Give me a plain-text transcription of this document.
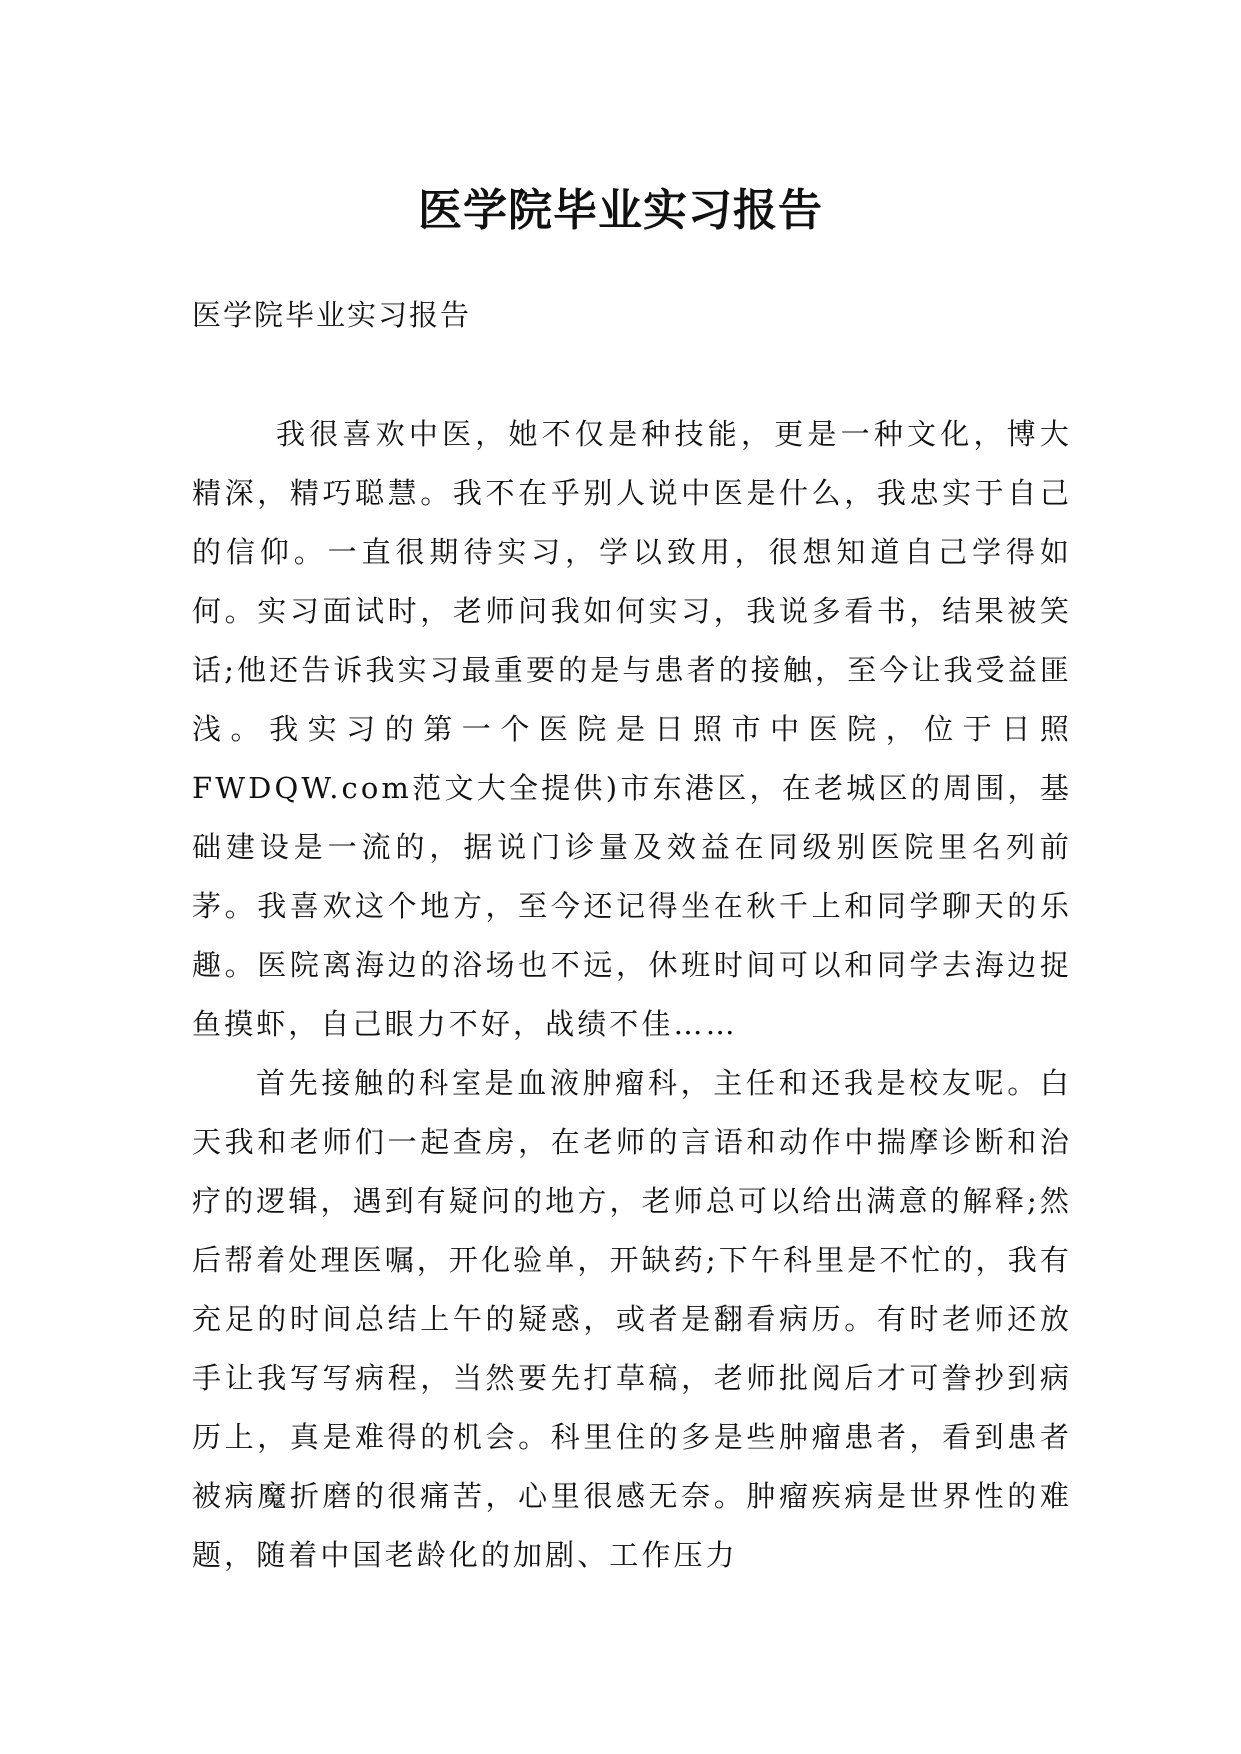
医学院毕业实习报告
医学院毕业实习报告

我很喜欢中医，她不仅是种技能，更是一种文化，博大精深，精巧聪慧。我不在乎别人说中医是什么，我忠实于自己的信仰。一直很期待实习，学以致用，很想知道自己学得如何。实习面试时，老师问我如何实习，我说多看书，结果被笑话;他还告诉我实习最重要的是与患者的接触，至今让我受益匪浅。我实习的第一个医院是日照市中医院，位于日照FWDQW.com范文大全提供)市东港区，在老城区的周围，基础建设是一流的，据说门诊量及效益在同级别医院里名列前茅。我喜欢这个地方，至今还记得坐在秋千上和同学聊天的乐趣。医院离海边的浴场也不远，休班时间可以和同学去海边捉鱼摸虾，自己眼力不好，战绩不佳……

首先接触的科室是血液肿瘤科，主任和还我是校友呢。白天我和老师们一起查房，在老师的言语和动作中揣摩诊断和治疗的逻辑，遇到有疑问的地方，老师总可以给出满意的解释;然后帮着处理医嘱，开化验单，开缺药;下午科里是不忙的，我有充足的时间总结上午的疑惑，或者是翻看病历。有时老师还放手让我写写病程，当然要先打草稿，老师批阅后才可誊抄到病历上，真是难得的机会。科里住的多是些肿瘤患者，看到患者被病魔折磨的很痛苦，心里很感无奈。肿瘤疾病是世界性的难题，随着中国老龄化的加剧、工作压力
